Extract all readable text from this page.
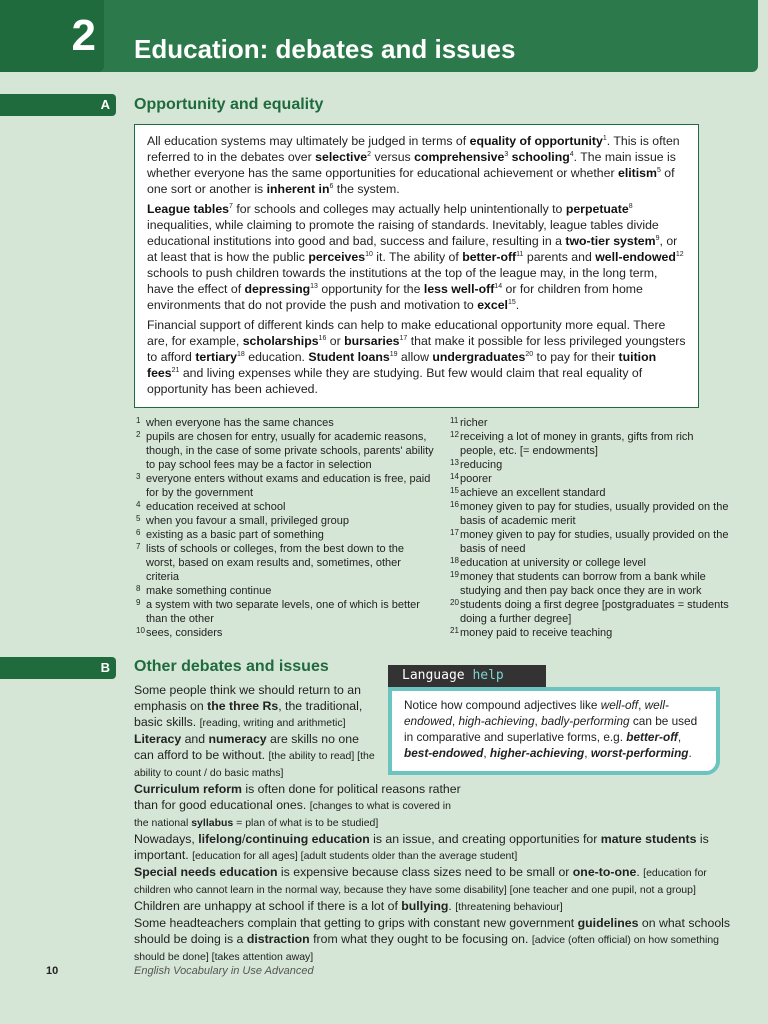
2	Education: debates and issues
A	Opportunity and equality

All education systems may ultimately be judged in terms of equality of opportunity$^1$. This is often referred to in the debates over selective$^2$ versus comprehensive$^3$ schooling$^4$. The main issue is whether everyone has the same opportunities for educational achievement or whether elitism$^5$ of one sort or another is inherent $in^6$ the system.

League tables$^7$ for schools and colleges may actually help unintentionally to perpetuate$^8$ inequalities, while claiming to promote the raising of standards. Inevitably, league tables divide educational institutions into good and bad, success and failure, resulting in a two-tier system$^9$, or at least that is how the public perceives$^{10}$ it. The ability of better-off$^{11}$ parents and well-endowed$^{12}$ schools to push children towards the institutions at the top of the league may, in the long term, have the effect of depressing$^{13}$ opportunity for the less well-off$^{14}$ or for children from home environments that do not provide the push and motivation to excel$^{15}$.

Financial support of different kinds can help to make educational opportunity more equal. There are, for example, scholarships$^{16}$ or bursaries$^{17}$ that make it possible for less privileged youngsters to afford tertiary$^{18}$ education. Student loans$^{19}$ allow undergraduates$^{20}$ to pay for their tuition fees$^{21}$ and living expenses while they are studying. But few would claim that real equality of opportunity has been achieved.

1 when everyone has the same chances
2 pupils are chosen for entry, usually for academic reasons, though, in the case of some private schools, parents' ability to pay school fees may be a factor in selection
3 everyone enters without exams and education is free, paid for by the government
4 education received at school
5 when you favour a small, privileged group
6 existing as a basic part of something
7 lists of schools or colleges, from the best down to the worst, based on exam results and, sometimes, other criteria
8 make something continue
9 a system with two separate levels, one of which is better than the other
10 sees, considers
11 richer
12 receiving a lot of money in grants, gifts from rich people, etc. [= endowments]
13 reducing
14 poorer
15 achieve an excellent standard
16 money given to pay for studies, usually provided on the basis of academic merit
17 money given to pay for studies, usually provided on the basis of need
18 education at university or college level
19 money that students can borrow from a bank while studying and then pay back once they are in work
20 students doing a first degree [postgraduates = students doing a further degree]
21 money paid to receive teaching
B	Other debates and issues
Language help
Notice how compound adjectives like well-off, well-endowed, high-achieving, badly-performing can be used in comparative and superlative forms, e.g. better-off, best-endowed, higher-achieving, worst-performing.
Some people think we should return to an emphasis on the three Rs, the traditional, basic skills. [reading, writing and arithmetic] Literacy and numeracy are skills no one can afford to be without. [the ability to read] [the ability to count / do basic maths]
Curriculum reform is often done for political reasons rather than for good educational ones. [changes to what is covered in the national syllabus = plan of what is to be studied]
Nowadays, lifelong/continuing education is an issue, and creating opportunities for mature students is important. [education for all ages] [adult students older than the average student]
Special needs education is expensive because class sizes need to be small or one-to-one. [education for children who cannot learn in the normal way, because they have some disability] [one teacher and one pupil, not a group]
Children are unhappy at school if there is a lot of bullying. [threatening behaviour]
Some headteachers complain that getting to grips with constant new government guidelines on what schools should be doing is a distraction from what they ought to be focusing on. [advice (often official) on how something should be done] [takes attention away]
10	English Vocabulary in Use Advanced
